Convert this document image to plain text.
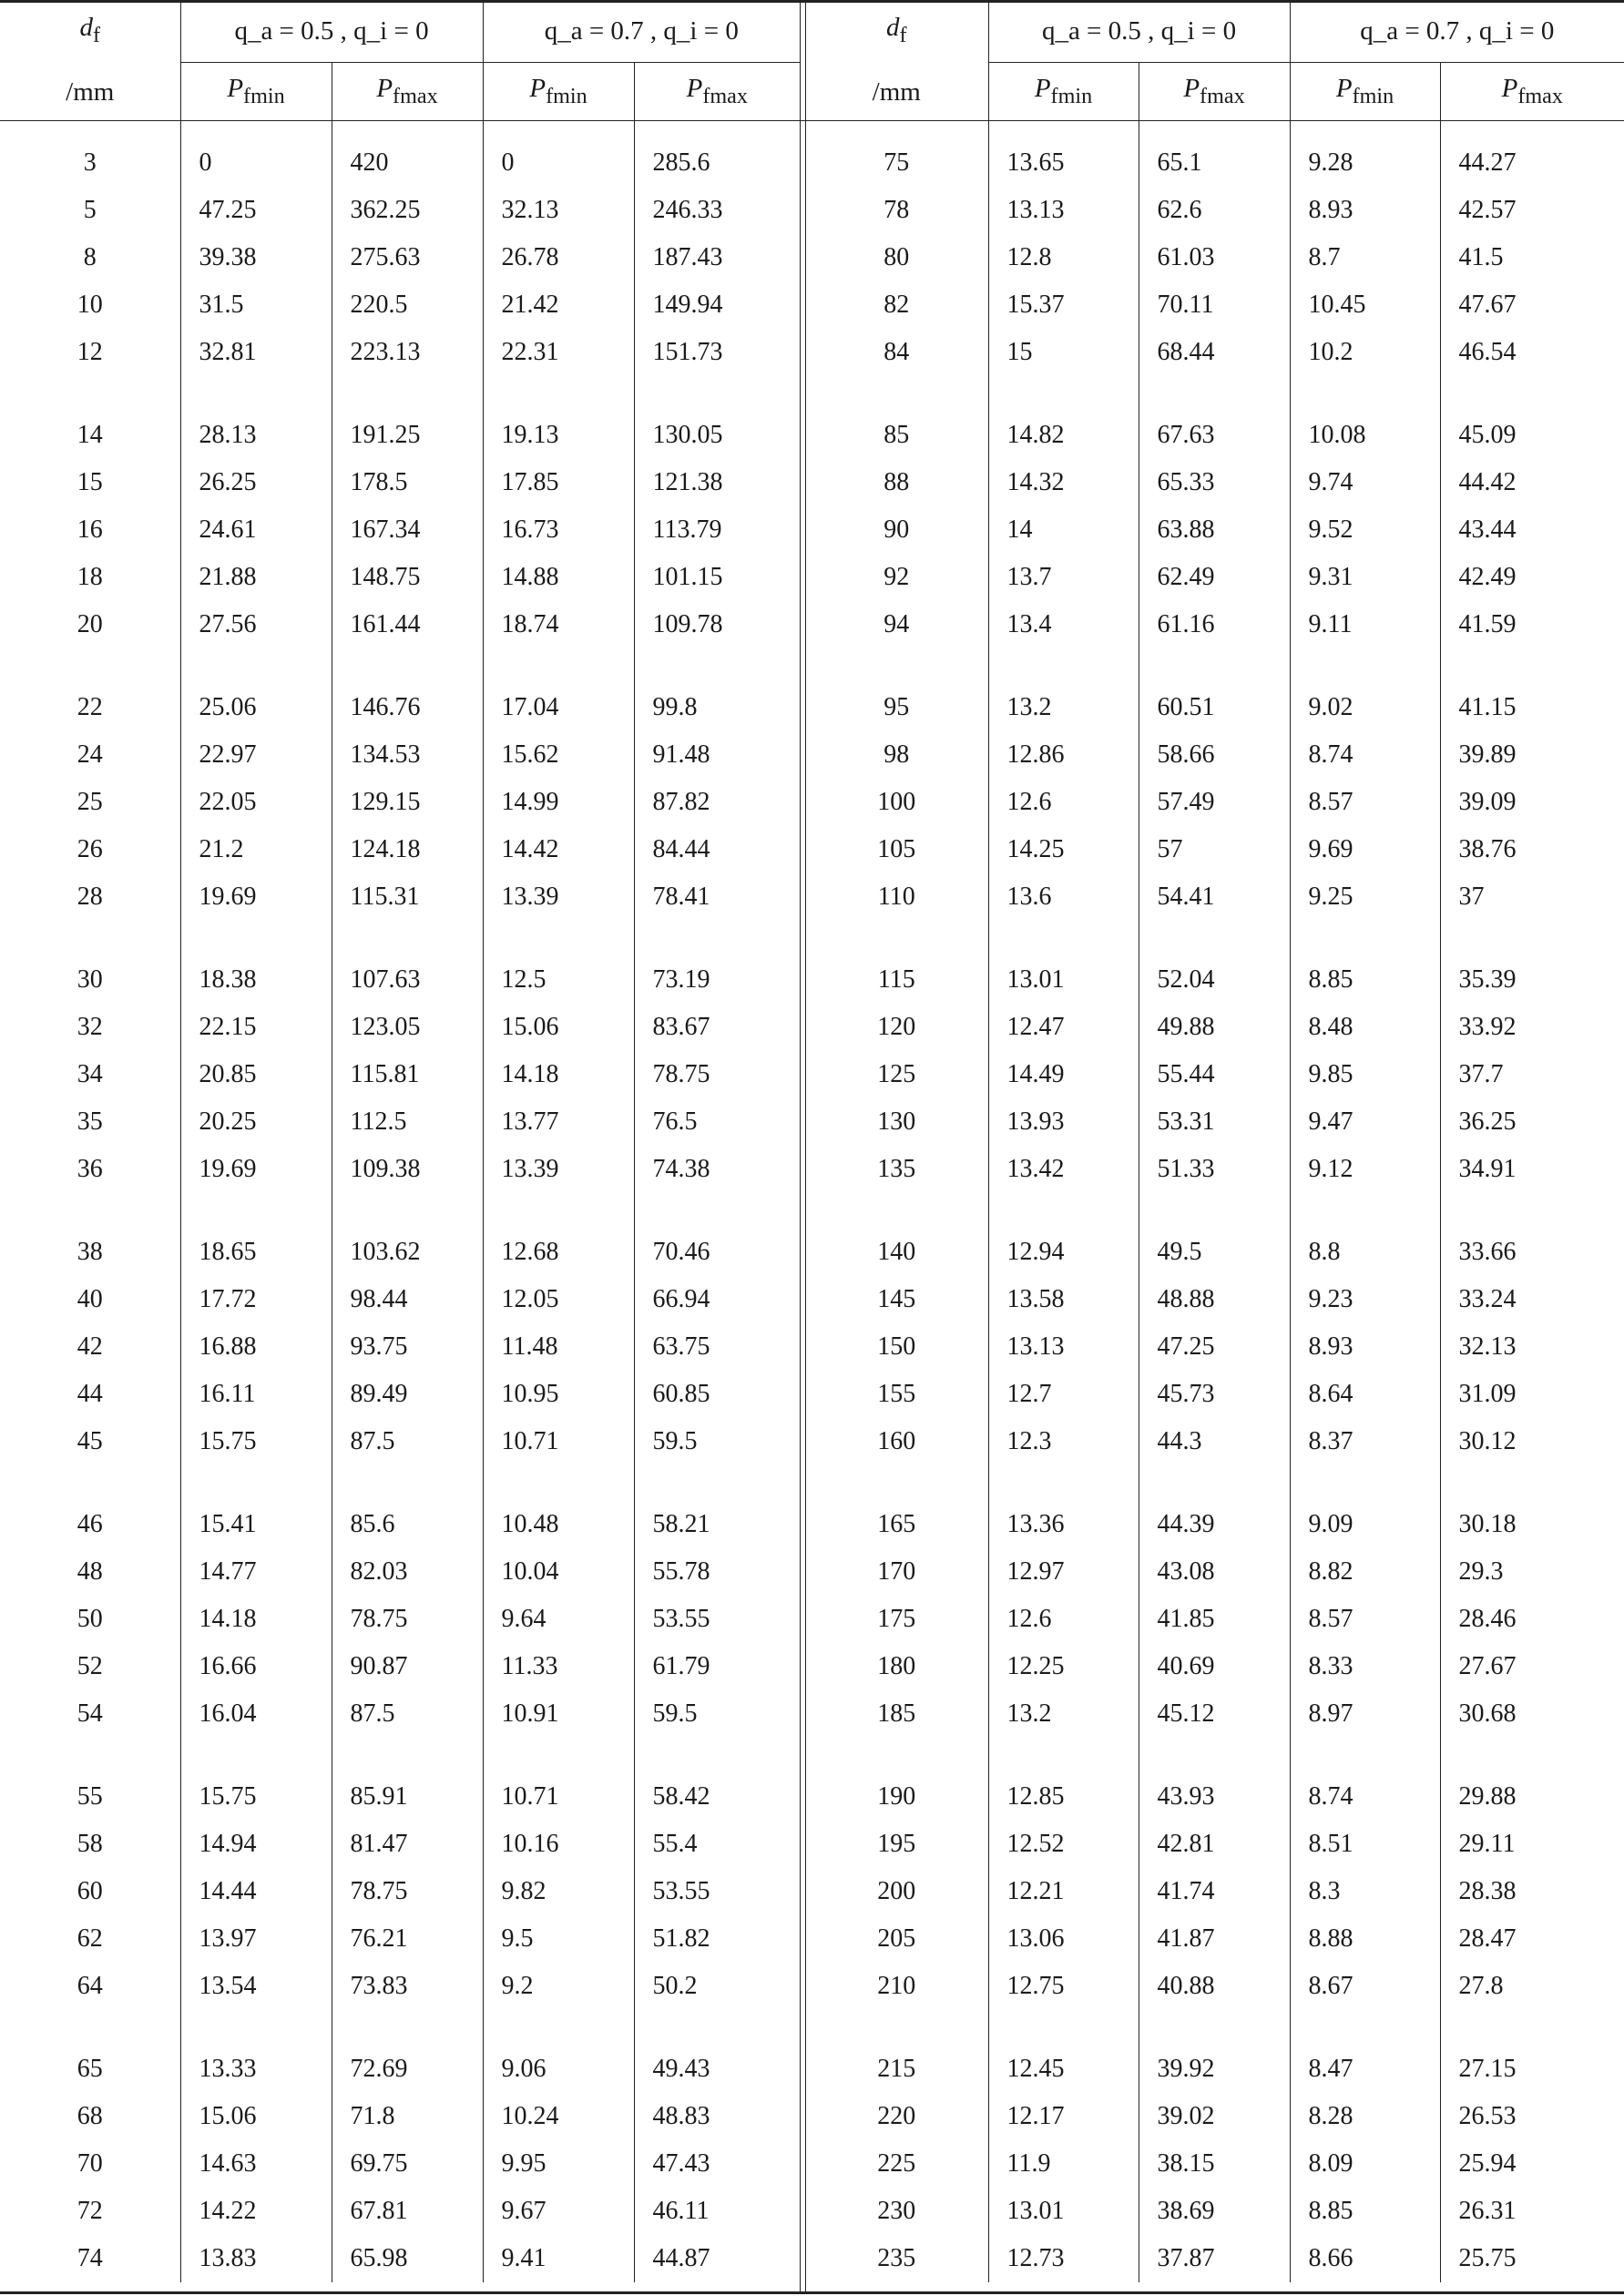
$d_f$	q_a = 0.5 , q_i = 0		q_a = 0.7 , q_i = 0	
/mm	$P_{fmin}$	$P_{fmax}$	$P_{fmin}$	$P_{fmax}$

3	0	420	0	285.6
5	47.25	362.25	32.13	246.33
8	39.38	275.63	26.78	187.43
10	31.5	220.5	21.42	149.94
12	32.81	223.13	22.31	151.73

14	28.13	191.25	19.13	130.05
15	26.25	178.5	17.85	121.38
16	24.61	167.34	16.73	113.79
18	21.88	148.75	14.88	101.15
20	27.56	161.44	18.74	109.78

22	25.06	146.76	17.04	99.8
24	22.97	134.53	15.62	91.48
25	22.05	129.15	14.99	87.82
26	21.2	124.18	14.42	84.44
28	19.69	115.31	13.39	78.41

30	18.38	107.63	12.5	73.19
32	22.15	123.05	15.06	83.67
34	20.85	115.81	14.18	78.75
35	20.25	112.5	13.77	76.5
36	19.69	109.38	13.39	74.38

38	18.65	103.62	12.68	70.46
40	17.72	98.44	12.05	66.94
42	16.88	93.75	11.48	63.75
44	16.11	89.49	10.95	60.85
45	15.75	87.5	10.71	59.5

46	15.41	85.6	10.48	58.21
48	14.77	82.03	10.04	55.78
50	14.18	78.75	9.64	53.55
52	16.66	90.87	11.33	61.79
54	16.04	87.5	10.91	59.5

55	15.75	85.91	10.71	58.42
58	14.94	81.47	10.16	55.4
60	14.44	78.75	9.82	53.55
62	13.97	76.21	9.5	51.82
64	13.54	73.83	9.2	50.2

65	13.33	72.69	9.06	49.43
68	15.06	71.8	10.24	48.83
70	14.63	69.75	9.95	47.43
72	14.22	67.81	9.67	46.11
74	13.83	65.98	9.41	44.87
$d_f$	q_a = 0.5 , q_i = 0		q_a = 0.7 , q_i = 0	
/mm	$P_{fmin}$	$P_{fmax}$	$P_{fmin}$	$P_{fmax}$

75	13.65	65.1	9.28	44.27
78	13.13	62.6	8.93	42.57
80	12.8	61.03	8.7	41.5
82	15.37	70.11	10.45	47.67
84	15	68.44	10.2	46.54

85	14.82	67.63	10.08	45.09
88	14.32	65.33	9.74	44.42
90	14	63.88	9.52	43.44
92	13.7	62.49	9.31	42.49
94	13.4	61.16	9.11	41.59

95	13.2	60.51	9.02	41.15
98	12.86	58.66	8.74	39.89
100	12.6	57.49	8.57	39.09
105	14.25	57	9.69	38.76
110	13.6	54.41	9.25	37

115	13.01	52.04	8.85	35.39
120	12.47	49.88	8.48	33.92
125	14.49	55.44	9.85	37.7
130	13.93	53.31	9.47	36.25
135	13.42	51.33	9.12	34.91

140	12.94	49.5	8.8	33.66
145	13.58	48.88	9.23	33.24
150	13.13	47.25	8.93	32.13
155	12.7	45.73	8.64	31.09
160	12.3	44.3	8.37	30.12

165	13.36	44.39	9.09	30.18
170	12.97	43.08	8.82	29.3
175	12.6	41.85	8.57	28.46
180	12.25	40.69	8.33	27.67
185	13.2	45.12	8.97	30.68

190	12.85	43.93	8.74	29.88
195	12.52	42.81	8.51	29.11
200	12.21	41.74	8.3	28.38
205	13.06	41.87	8.88	28.47
210	12.75	40.88	8.67	27.8

215	12.45	39.92	8.47	27.15
220	12.17	39.02	8.28	26.53
225	11.9	38.15	8.09	25.94
230	13.01	38.69	8.85	26.31
235	12.73	37.87	8.66	25.75
